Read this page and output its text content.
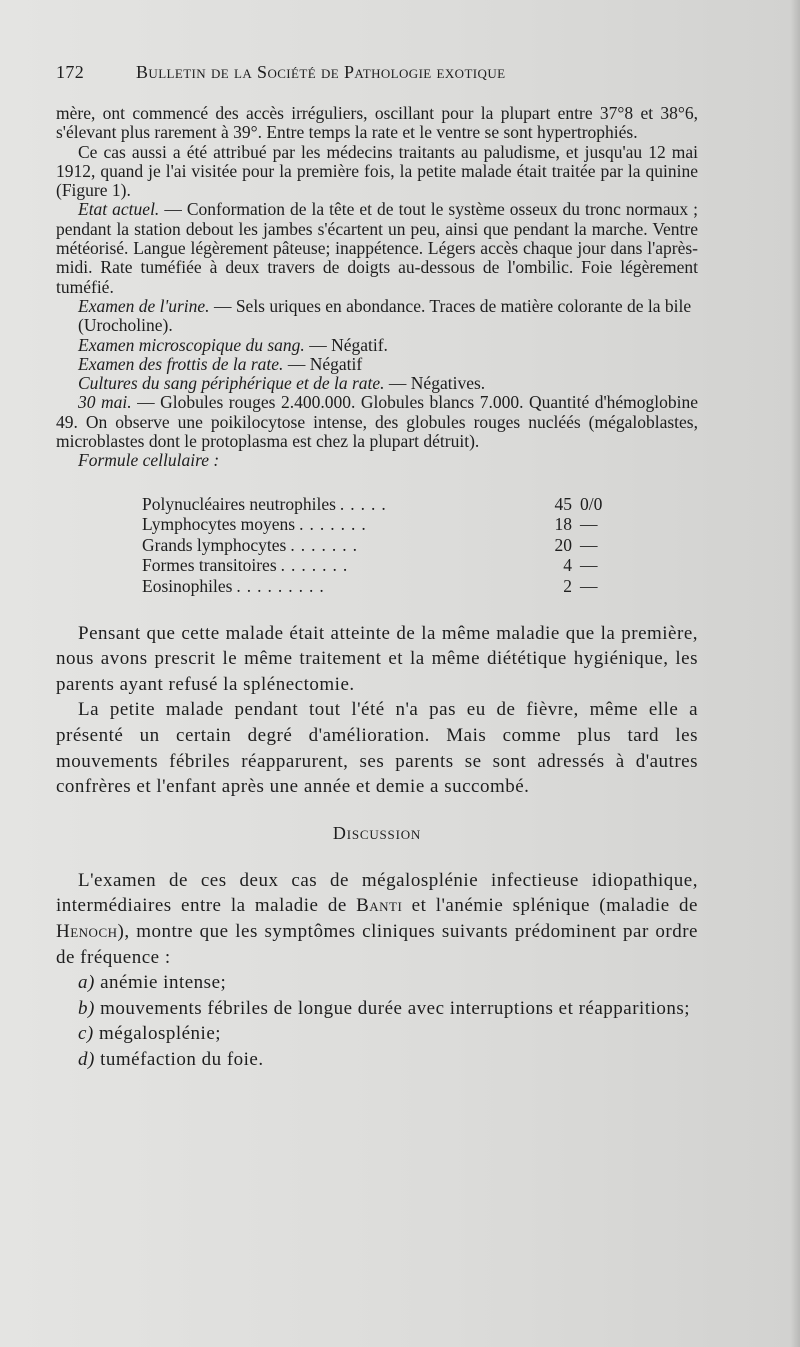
172	Bulletin de la Société de Pathologie exotique

mère, ont commencé des accès irréguliers, oscillant pour la plupart entre 37°8 et 38°6, s'élevant plus rarement à 39°. Entre temps la rate et le ventre se sont hypertrophiés.

Ce cas aussi a été attribué par les médecins traitants au paludisme, et jusqu'au 12 mai 1912, quand je l'ai visitée pour la première fois, la petite malade était traitée par la quinine (Figure 1).

Etat actuel. — Conformation de la tête et de tout le système osseux du tronc normaux ; pendant la station debout les jambes s'écartent un peu, ainsi que pendant la marche. Ventre météorisé. Langue légèrement pâteuse; inappétence. Légers accès chaque jour dans l'après-midi. Rate tuméfiée à deux travers de doigts au-dessous de l'ombilic. Foie légèrement tuméfié.

Examen de l'urine. — Sels uriques en abondance. Traces de matière colorante de la bile (Urocholine).
Examen microscopique du sang. — Négatif.
Examen des frottis de la rate. — Négatif
Cultures du sang périphérique et de la rate. — Négatives.

30 mai. — Globules rouges 2.400.000. Globules blancs 7.000. Quantité d'hémoglobine 49. On observe une poikilocytose intense, des globules rouges nucléés (mégaloblastes, microblastes dont le protoplasma est chez la plupart détruit).

Formule cellulaire :
Polynucléaires neutrophiles .....	45 0/0
Lymphocytes moyens .......	18 —
Grands lymphocytes .......	20 —
Formes transitoires .......	4 —
Eosinophiles .........	2 —

Pensant que cette malade était atteinte de la même maladie que la première, nous avons prescrit le même traitement et la même diététique hygiénique, les parents ayant refusé la splénectomie.

La petite malade pendant tout l'été n'a pas eu de fièvre, même elle a présenté un certain degré d'amélioration. Mais comme plus tard les mouvements fébriles réapparurent, ses parents se sont adressés à d'autres confrères et l'enfant après une année et demie a succombé.

Discussion

L'examen de ces deux cas de mégalosplénie infectieuse idiopathique, intermédiaires entre la maladie de Banti et l'anémie splénique (maladie de Henoch), montre que les symptômes cliniques suivants prédominent par ordre de fréquence :

a) anémie intense;
b) mouvements fébriles de longue durée avec interruptions et réapparitions;
c) mégalosplénie;
d) tuméfaction du foie.
